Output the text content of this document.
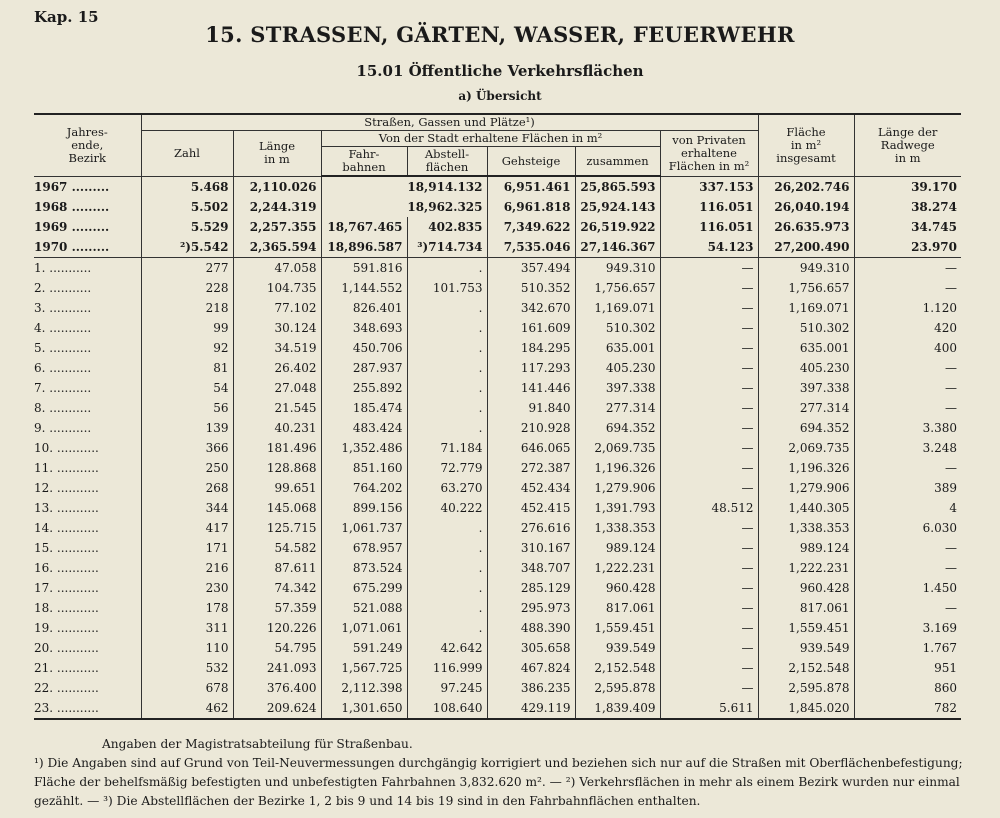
Kap. 15
15. STRASSEN, GÄRTEN, WASSER, FEUERWEHR
15.01 Öffentliche Verkehrsflächen
a) Übersicht
Jahres-
ende,
Bezirk	Straßen, Gassen und Plätze¹)							Fläche
in m²
insgesamt	Länge der
Radwege
in m
	Zahl	Länge
in m	Von der Stadt erhaltene Flächen in m²				von Privaten
erhaltene
Flächen in m²		
			Fahr-
bahnen	Abstell-
flächen	Gehsteige	zusammen			
1967 .........	5.468	2,110.026	18,914.132		6,951.461	25,865.593	337.153	26,202.746	39.170
1968 .........	5.502	2,244.319	18,962.325		6,961.818	25,924.143	116.051	26,040.194	38.274
1969 .........	5.529	2,257.355	18,767.465	402.835	7,349.622	26,519.922	116.051	26.635.973	34.745
1970 .........	²)5.542	2,365.594	18,896.587	³)714.734	7,535.046	27,146.367	54.123	27,200.490	23.970
1. ...........	277	47.058	591.816	.	357.494	949.310	—	949.310	—
2. ...........	228	104.735	1,144.552	101.753	510.352	1,756.657	—	1,756.657	—
3. ...........	218	77.102	826.401	.	342.670	1,169.071	—	1,169.071	1.120
4. ...........	99	30.124	348.693	.	161.609	510.302	—	510.302	420
5. ...........	92	34.519	450.706	.	184.295	635.001	—	635.001	400
6. ...........	81	26.402	287.937	.	117.293	405.230	—	405.230	—
7. ...........	54	27.048	255.892	.	141.446	397.338	—	397.338	—
8. ...........	56	21.545	185.474	.	91.840	277.314	—	277.314	—
9. ...........	139	40.231	483.424	.	210.928	694.352	—	694.352	3.380
10. ...........	366	181.496	1,352.486	71.184	646.065	2,069.735	—	2,069.735	3.248
11. ...........	250	128.868	851.160	72.779	272.387	1,196.326	—	1,196.326	—
12. ...........	268	99.651	764.202	63.270	452.434	1,279.906	—	1,279.906	389
13. ...........	344	145.068	899.156	40.222	452.415	1,391.793	48.512	1,440.305	4
14. ...........	417	125.715	1,061.737	.	276.616	1,338.353	—	1,338.353	6.030
15. ...........	171	54.582	678.957	.	310.167	989.124	—	989.124	—
16. ...........	216	87.611	873.524	.	348.707	1,222.231	—	1,222.231	—
17. ...........	230	74.342	675.299	.	285.129	960.428	—	960.428	1.450
18. ...........	178	57.359	521.088	.	295.973	817.061	—	817.061	—
19. ...........	311	120.226	1,071.061	.	488.390	1,559.451	—	1,559.451	3.169
20. ...........	110	54.795	591.249	42.642	305.658	939.549	—	939.549	1.767
21. ...........	532	241.093	1,567.725	116.999	467.824	2,152.548	—	2,152.548	951
22. ...........	678	376.400	2,112.398	97.245	386.235	2,595.878	—	2,595.878	860
23. ...........	462	209.624	1,301.650	108.640	429.119	1,839.409	5.611	1,845.020	782
Angaben der Magistratsabteilung für Straßenbau.
¹) Die Angaben sind auf Grund von Teil-Neuvermessungen durchgängig korrigiert und beziehen sich nur auf die Straßen mit Oberflächenbefestigung; Fläche der behelfsmäßig befestigten und unbefestigten Fahrbahnen 3,832.620 m². — ²) Verkehrsflächen in mehr als einem Bezirk wurden nur einmal gezählt. — ³) Die Abstellflächen der Bezirke 1, 2 bis 9 und 14 bis 19 sind in den Fahrbahnflächen enthalten.
